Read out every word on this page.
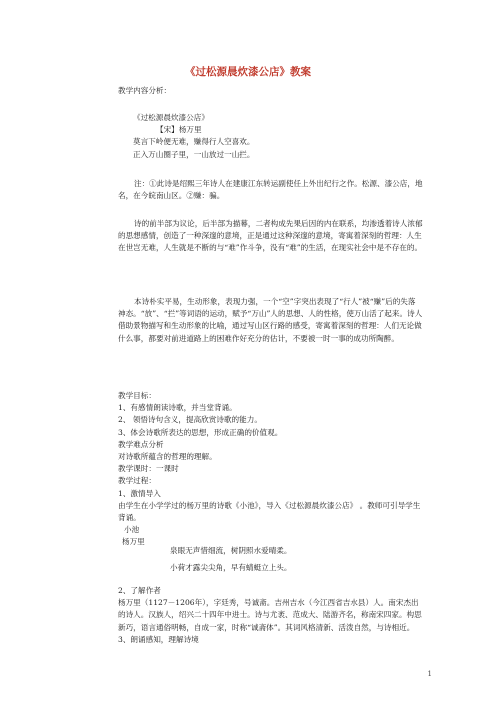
《过松源晨炊漆公店》教案

教学内容分析：

《过松源晨炊漆公店》

【宋】杨万里

莫言下岭便无难，赚得行人空喜欢。

正入万山圈子里，一山放过一山拦。

注：①此诗是绍熙三年诗人在建康江东转运副使任上外出纪行之作。松源、漆公店，地名，在今皖南山区。②赚：骗。

诗的前半部为议论，后半部为描幕，二者构成先果后因的内在联系，均渗透着诗人浓郁的思想感情，创造了一种深邃的意境，正是通过这种深邃的意境，寄寓着深刻的哲理：人生在世岂无难，人生就是不断的与“难”作斗争，没有“难”的生活，在现实社会中是不存在的。

本诗朴实平易，生动形象，表现力强，一个“空”字突出表现了“行人”被“赚”后的失落神态。“放”、“拦”等词语的运动，赋予“万山”人的思想、人的性格，使万山活了起来。诗人借助景物描写和生动形象的比喻，通过写山区行路的感受，寄寓着深刻的哲理：人们无论做什么事，都要对前进道路上的困难作好充分的估计，不要被一时一事的成功所陶醉。

教学目标：

1、有感情朗读诗歌，并当堂背诵。

2、 领悟诗句含义，提高欣赏诗歌的能力。

3、体会诗歌所表达的思想，形成正确的价值观。

教学难点分析

对诗歌所蕴含的哲理的理解。

教学课时：一课时

教学过程：

1、激情导入

由学生在小学学过的杨万里的诗歌《小池》，导入《过松源晨炊漆公店》 。教师可引导学生背诵。

小池

杨万里

泉眼无声惜细流，树阴照水爱晴柔。

小荷才露尖尖角，早有蜻蜓立上头。

2、了解作者

杨万里（1127－1206年），字廷秀，号诚斋。吉州吉水（今江西省吉水县）人。南宋杰出的诗人。汉族人，绍兴二十四年中进士。诗与尤袤、范成大、陆游齐名，称南宋四家。构思新巧，语言通俗明畅，自成一家，时称“诚斋体”。其词风格清新、活泼自然，与诗相近。

3、朗诵感知，理解诗境

1
